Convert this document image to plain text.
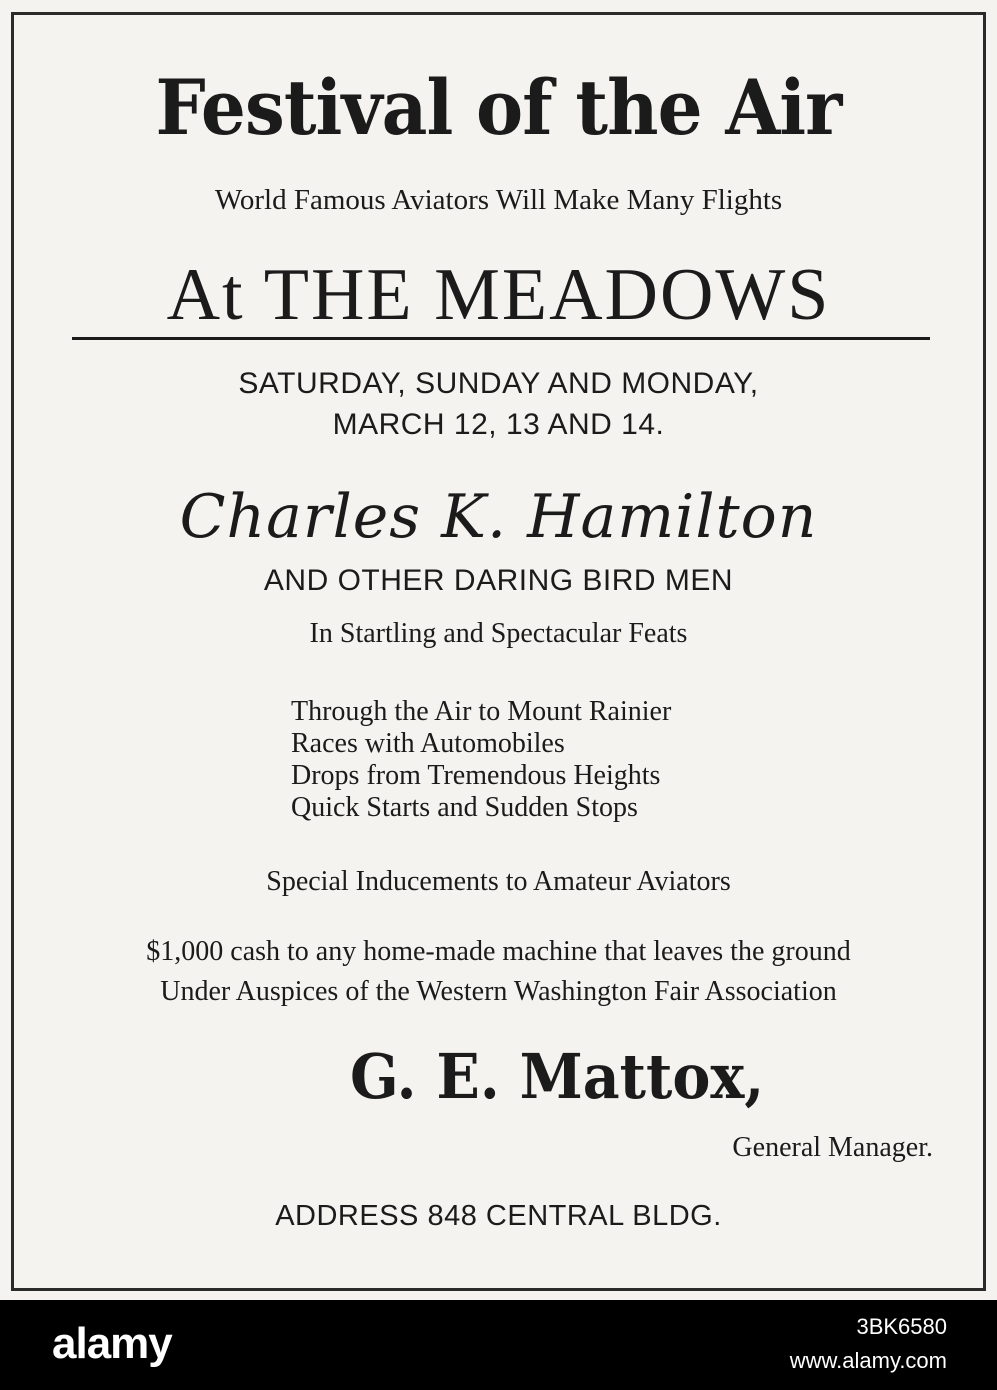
Festival of the Air
World Famous Aviators Will Make Many Flights
At THE MEADOWS
SATURDAY, SUNDAY AND MONDAY,
MARCH 12, 13 AND 14.
Charles K. Hamilton
AND OTHER DARING BIRD MEN
In Startling and Spectacular Feats
Through the Air to Mount Rainier
Races with Automobiles
Drops from Tremendous Heights
Quick Starts and Sudden Stops
Special Inducements to Amateur Aviators
$1,000 cash to any home-made machine that leaves the ground
Under Auspices of the Western Washington Fair Association
G. E. Mattox,
General Manager.
ADDRESS 848 CENTRAL BLDG.
alamy	3BK6580
www.alamy.com
